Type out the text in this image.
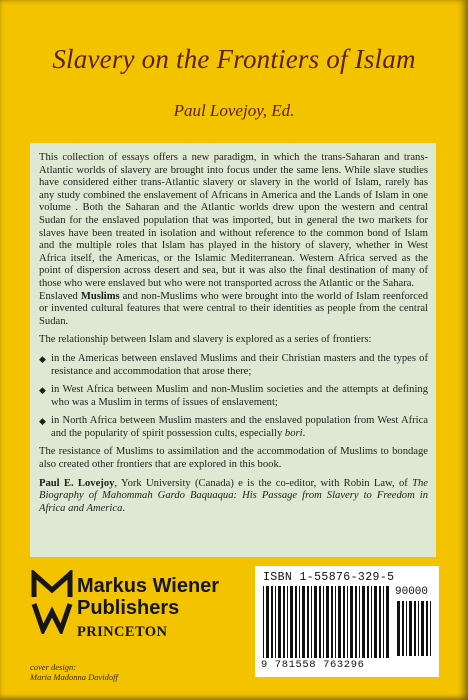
Slavery on the Frontiers of Islam
Paul Lovejoy, Ed.

This collection of essays offers a new paradigm, in which the trans-Saharan and trans-Atlantic worlds of slavery are brought into focus under the same lens. While slave studies have considered either trans-Atlantic slavery or slavery in the world of Islam, rarely has any study combined the enslavement of Africans in America and the Lands of Islam in one volume . Both the Saharan and the Atlantic worlds drew upon the western and central Sudan for the enslaved population that was imported, but in general the two markets for slaves have been treated in isolation and without reference to the common bond of Islam and the multiple roles that Islam has played in the history of slavery, whether in West Africa itself, the Americas, or the Islamic Mediterranean. Western Africa served as the point of dispersion across desert and sea, but it was also the final destination of many of those who were enslaved but who were not transported across the Atlantic or the Sahara.

Enslaved Muslims and non-Muslims who were brought into the world of Islam reenforced or invented cultural features that were central to their identities as people from the central Sudan.

The relationship between Islam and slavery is explored as a series of frontiers:

◆ in the Americas between enslaved Muslims and their Christian masters and the types of resistance and accommodation that arose there;
◆ in West Africa between Muslim and non-Muslim societies and the attempts at defining who was a Muslim in terms of issues of enslavement;
◆ in North Africa between Muslim masters and the enslaved population from West Africa and the popularity of spirit possession cults, especially bori.

The resistance of Muslims to assimilation and the accommodation of Muslims to bondage also created other frontiers that are explored in this book.

Paul E. Lovejoy, York University (Canada) e is the co-editor, with Robin Law, of The Biography of Mahommah Gardo Baquaqua: His Passage from Slavery to Freedom in Africa and America.

Markus Wiener
Publishers
PRINCETON
cover design:
Maria Madonna Davidoff
ISBN 1-55876-329-5
90000
9 781558 763296
